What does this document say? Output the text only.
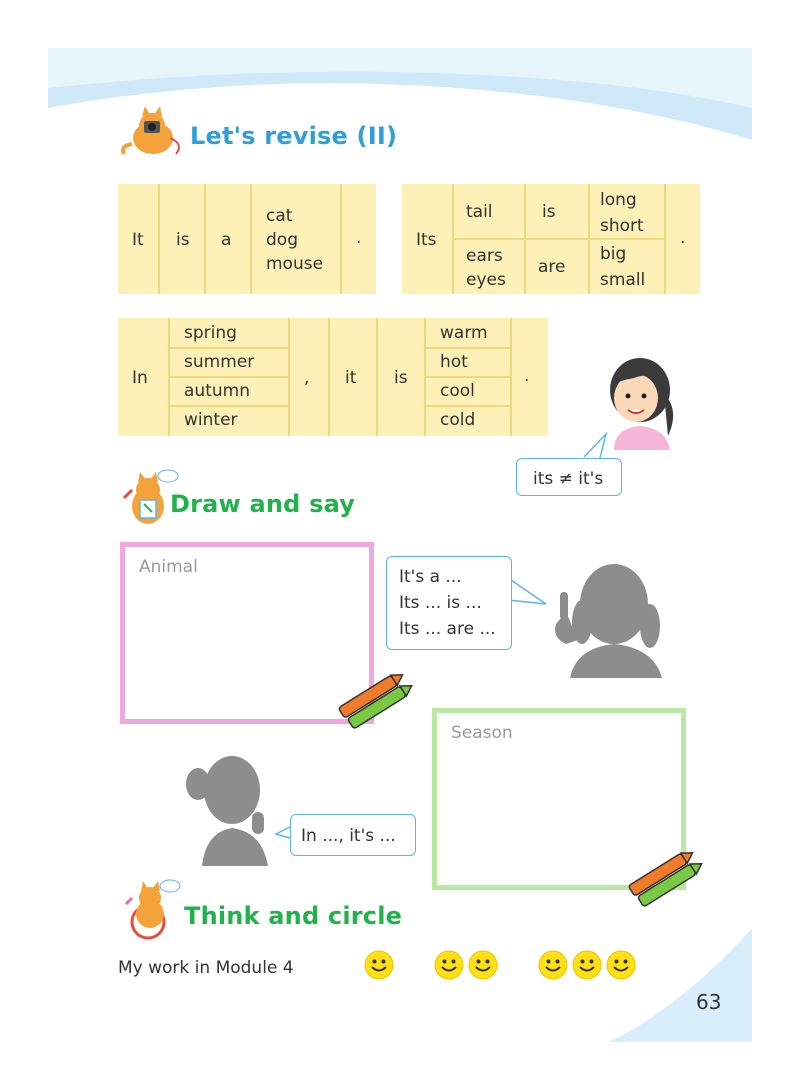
Let's revise (II)
It is a
cat
dog
mouse
.	Its
tail
ears
eyes
is
are
long
short
big
small
.
In
spring
summer
autumn
winter
, it is
warm
hot
cool
cold
.
its ≠ it's
Draw and say
Animal	It's a ...
Its ... is ...
Its ... are ...
Season
In ..., it's ...
Think and circle
My work in Module 4
63
